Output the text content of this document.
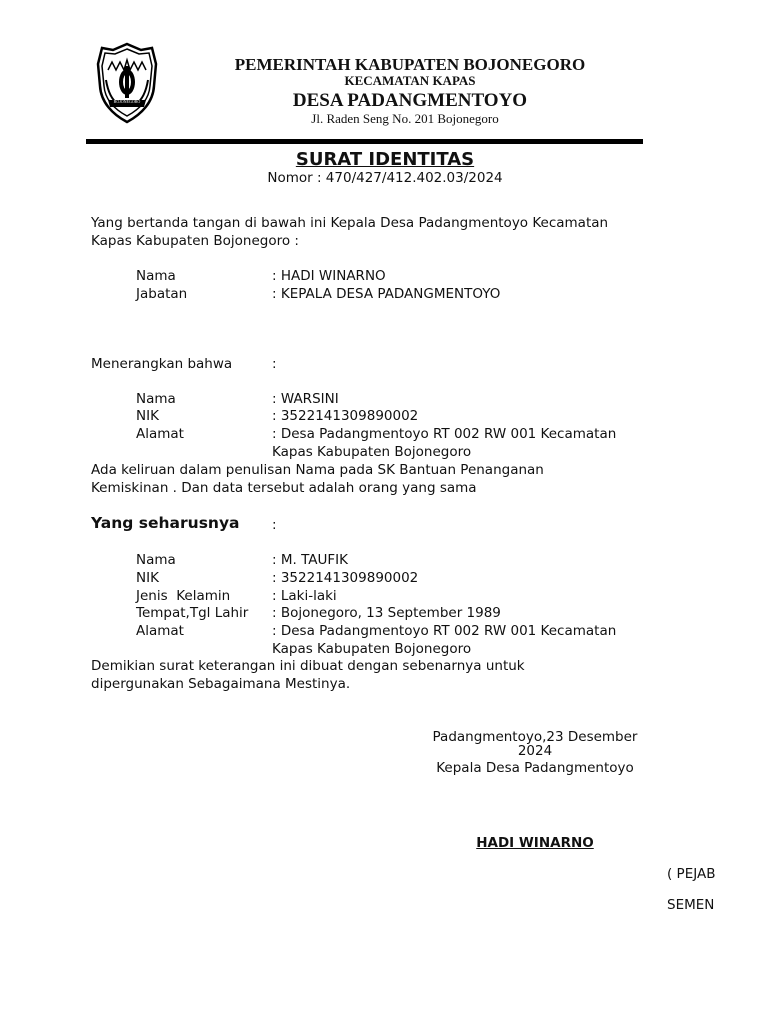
BOJONEGORO
PEMERINTAH KABUPATEN BOJONEGORO
KECAMATAN KAPAS
DESA PADANGMENTOYO
Jl. Raden Seng No. 201 Bojonegoro
SURAT IDENTITAS
Nomor : 470/427/412.402.03/2024
Yang bertanda tangan di bawah ini Kepala Desa Padangmentoyo Kecamatan
Kapas Kabupaten Bojonegoro :
Nama	: HADI WINARNO
Jabatan	: KEPALA DESA PADANGMENTOYO
Menerangkan bahwa	:
Nama	: WARSINI
NIK	: 3522141309890002
Alamat	: Desa Padangmentoyo RT 002 RW 001 Kecamatan
Kapas Kabupaten Bojonegoro
Ada keliruan dalam penulisan Nama pada SK Bantuan Penanganan
Kemiskinan . Dan data tersebut adalah orang yang sama
Yang seharusnya :
Nama	: M. TAUFIK
NIK	: 3522141309890002
Jenis  Kelamin	: Laki-laki
Tempat,Tgl Lahir : Bojonegoro, 13 September 1989
Alamat	: Desa Padangmentoyo RT 002 RW 001 Kecamatan
Kapas Kabupaten Bojonegoro
Demikian surat keterangan ini dibuat dengan sebenarnya untuk
dipergunakan Sebagaimana Mestinya.
Padangmentoyo,23 Desember
2024
Kepala Desa Padangmentoyo
HADI WINARNO
( PEJAB
SEMEN
